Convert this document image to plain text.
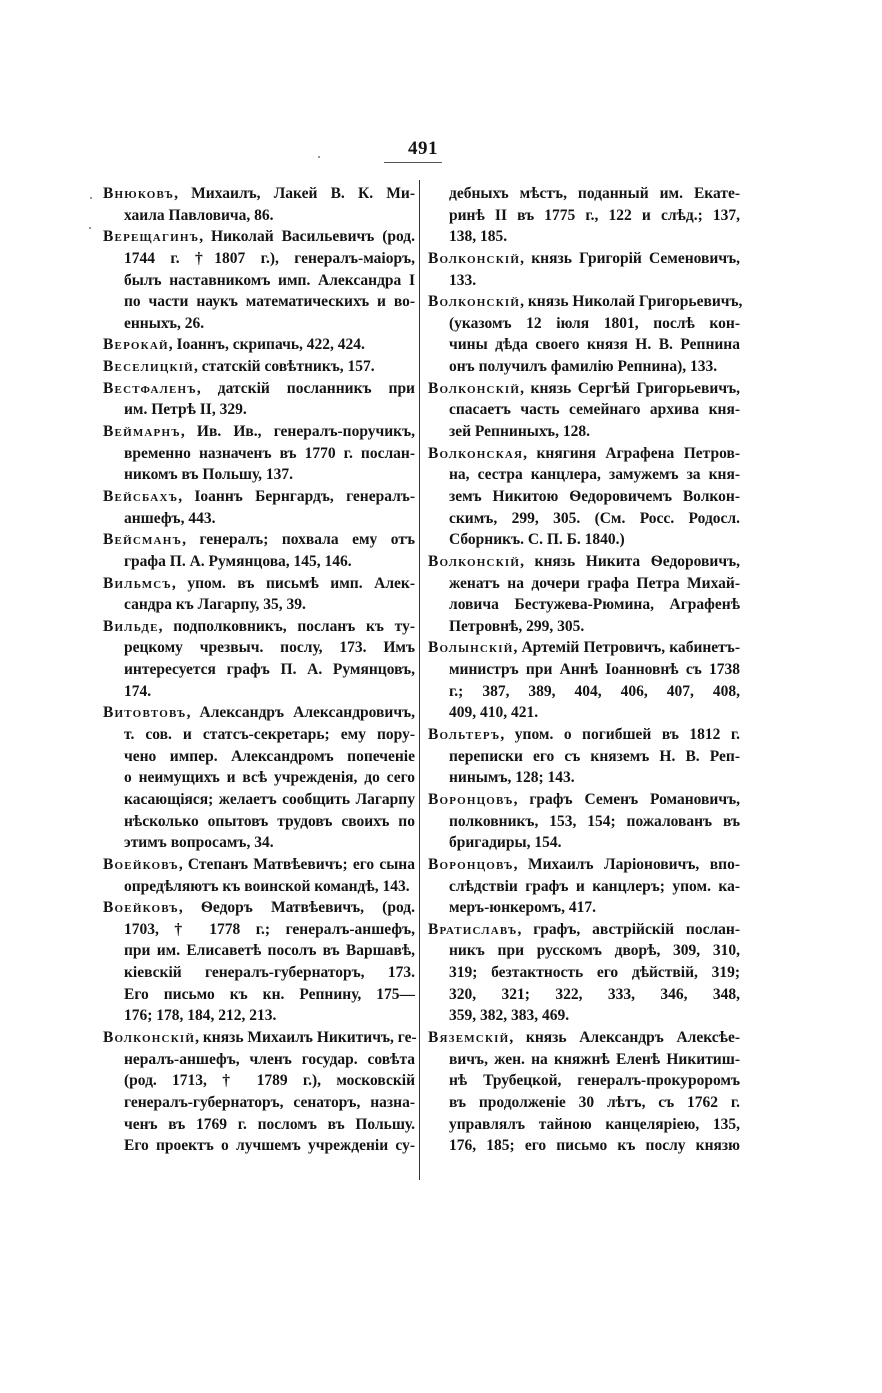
491
Внюковъ, Михаилъ, Лакей В. К. Ми-
хаила Павловича, 86.
Верещагинъ, Николай Васильевичъ (род.
1744 г. †1807 г.), генералъ-маіоръ,
былъ наставникомъ имп. Александра I
по части наукъ математическихъ и во-
енныхъ, 26.
Верокай, Іоаннъ, скрипачь, 422, 424.
Веселицкій, статскій совѣтникъ, 157.
Вестфаленъ, датскій посланникъ при
им. Петрѣ II, 329.
Веймарнъ, Ив. Ив., генералъ-поручикъ,
временно назначенъ въ 1770 г. послан-
никомъ въ Польшу, 137.
Вейсбахъ, Іоаннъ Бернгардъ, генералъ-
аншефъ, 443.
Вейсманъ, генералъ; похвала ему отъ
графа П. А. Румянцова, 145, 146.
Вильмсъ, упом. въ письмѣ имп. Алек-
сандра къ Лагарпу, 35, 39.
Вильде, подполковникъ, посланъ къ ту-
рецкому чрезвыч. послу, 173. Имъ
интересуется графъ П. А. Румянцовъ,
174.
Витовтовъ, Александръ Александровичъ,
т. сов. и статсъ-секретарь; ему пору-
чено импер. Александромъ попеченіе
о неимущихъ и всѣ учрежденія, до сего
касающіяся; желаетъ сообщить Лагарпу
нѣсколько опытовъ трудовъ своихъ по
этимъ вопросамъ, 34.
Воейковъ, Степанъ Матвѣевичъ; его сына
опредѣляютъ къ воинской командѣ, 143.
Воейковъ, Ѳедоръ Матвѣевичъ, (род.
1703, † 1778 г.; генералъ-аншефъ,
при им. Елисаветѣ посолъ въ Варшавѣ,
кіевскій генералъ-губернаторъ, 173.
Его письмо къ кн. Репнину, 175—
176; 178, 184, 212, 213.
Волконскій, князь Михаилъ Никитичъ, ге-
нералъ-аншефъ, членъ государ. совѣта
(род. 1713, † 1789 г.), московскій
генералъ-губернаторъ, сенаторъ, назна-
ченъ въ 1769 г. посломъ въ Польшу.
Его проектъ о лучшемъ учрежденіи су-
дебныхъ мѣстъ, поданный им. Екате-
ринѣ II въ 1775 г., 122 и слѣд.; 137,
138, 185.
Волконскій, князь Григорій Семеновичъ,
133.
Волконскій, князь Николай Григорьевичъ,
(указомъ 12 іюля 1801, послѣ кон-
чины дѣда своего князя Н. В. Репнина
онъ получилъ фамилію Репнина), 133.
Волконскій, князь Сергѣй Григорьевичъ,
спасаетъ часть семейнаго архива кня-
зей Репниныхъ, 128.
Волконская, княгиня Аграфена Петров-
на, сестра канцлера, замужемъ за кня-
земъ Никитою Ѳедоровичемъ Волкон-
скимъ, 299, 305. (См. Росс. Родосл.
Сборникъ. С. П. Б. 1840.)
Волконскій, князь Никита Ѳедоровичъ,
женатъ на дочери графа Петра Михай-
ловича Бестужева-Рюмина, Аграфенѣ
Петровнѣ, 299, 305.
Волынскій, Артемій Петровичъ, кабинетъ-
министръ при Аннѣ Іоанновнѣ съ 1738
г.; 387, 389, 404, 406, 407, 408,
409, 410, 421.
Вольтеръ, упом. о погибшей въ 1812 г.
переписки его съ княземъ Н. В. Реп-
нинымъ, 128; 143.
Воронцовъ, графъ Семенъ Романовичъ,
полковникъ, 153, 154; пожалованъ въ
бригадиры, 154.
Воронцовъ, Михаилъ Ларіоновичъ, впо-
слѣдствіи графъ и канцлеръ; упом. ка-
меръ-юнкеромъ, 417.
Вратиславъ, графъ, австрійскій послан-
никъ при русскомъ дворѣ, 309, 310,
319; безтактность его дѣйствій, 319;
320, 321; 322, 333, 346, 348,
359, 382, 383, 469.
Вяземскій, князь Александръ Алексѣе-
вичъ, жен. на княжнѣ Еленѣ Никитиш-
нѣ Трубецкой, генералъ-прокуроромъ
въ продолженіе 30 лѣтъ, съ 1762 г.
управлялъ тайною канцеляріею, 135,
176, 185; его письмо къ послу князю
